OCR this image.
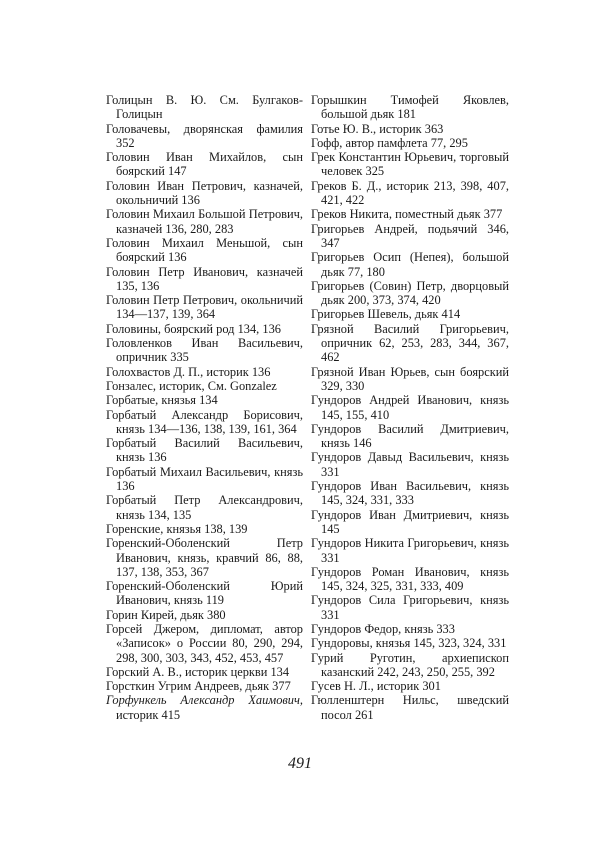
Голицын В. Ю. См. Булгаков-Голицын
Головачевы, дворянская фамилия 352
Головин Иван Михайлов, сын боярский 147
Головин Иван Петрович, казначей, окольничий 136
Головин Михаил Большой Петрович, казначей 136, 280, 283
Головин Михаил Меньшой, сын боярский 136
Головин Петр Иванович, казначей 135, 136
Головин Петр Петрович, окольничий 134—137, 139, 364
Головины, боярский род 134, 136
Головленков Иван Васильевич, опричник 335
Голохвастов Д. П., историк 136
Гонзалес, историк, См. Gonzalez
Горбатые, князья 134
Горбатый Александр Борисович, князь 134—136, 138, 139, 161, 364
Горбатый Василий Васильевич, князь 136
Горбатый Михаил Васильевич, князь 136
Горбатый Петр Александрович, князь 134, 135
Горенские, князья 138, 139
Горенский-Оболенский Петр Иванович, князь, кравчий 86, 88, 137, 138, 353, 367
Горенский-Оболенский Юрий Иванович, князь 119
Горин Кирей, дьяк 380
Горсей Джером, дипломат, автор «Записок» о России 80, 290, 294, 298, 300, 303, 343, 452, 453, 457
Горский А. В., историк церкви 134
Горсткин Угрим Андреев, дьяк 377
Горфункель Александр Хаимович, историк 415
Горышкин Тимофей Яковлев, большой дьяк 181
Готье Ю. В., историк 363
Гофф, автор памфлета 77, 295
Грек Константин Юрьевич, торговый человек 325
Греков Б. Д., историк 213, 398, 407, 421, 422
Греков Никита, поместный дьяк 377
Григорьев Андрей, подьячий 346, 347
Григорьев Осип (Непея), большой дьяк 77, 180
Григорьев (Совин) Петр, дворцовый дьяк 200, 373, 374, 420
Григорьев Шевель, дьяк 414
Грязной Василий Григорьевич, опричник 62, 253, 283, 344, 367, 462
Грязной Иван Юрьев, сын боярский 329, 330
Гундоров Андрей Иванович, князь 145, 155, 410
Гундоров Василий Дмитриевич, князь 146
Гундоров Давыд Васильевич, князь 331
Гундоров Иван Васильевич, князь 145, 324, 331, 333
Гундоров Иван Дмитриевич, князь 145
Гундоров Никита Григорьевич, князь 331
Гундоров Роман Иванович, князь 145, 324, 325, 331, 333, 409
Гундоров Сила Григорьевич, князь 331
Гундоров Федор, князь 333
Гундоровы, князья 145, 323, 324, 331
Гурий Руготин, архиепископ казанский 242, 243, 250, 255, 392
Гусев Н. Л., историк 301
Гюлленштерн Нильс, шведский посол 261
491
